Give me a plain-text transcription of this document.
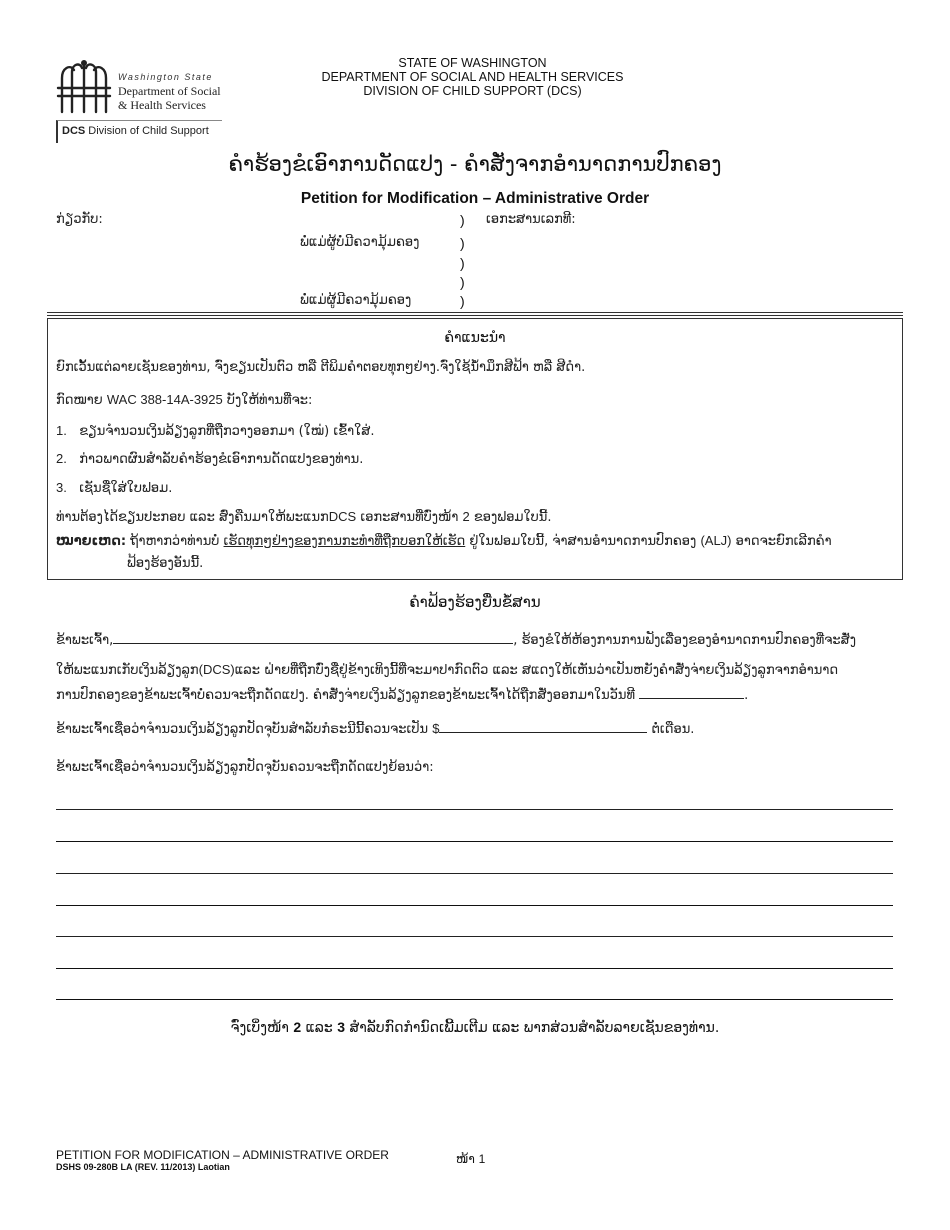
Washington State
Department of Social
& Health Services
DCS Division of Child Support
STATE OF WASHINGTON
DEPARTMENT OF SOCIAL AND HEALTH SERVICES
DIVISION OF CHILD SUPPORT (DCS)
ຄຳຮ້ອງຂໍເອົາການດັດແປງ - ຄຳສັ່ງຈາກອຳນາດການປົກຄອງ
Petition for Modification – Administrative Order
ກ່ຽວກັບ:	) ເອກະສານເລກທີ:
ພໍ່ແມ່ຜູ້ບໍ່ມີຄວາມຸ້ມຄອງ	)
)
)
ພໍ່ແມ່ຜູ້ມີຄວາມຸ້ມຄອງ	)
ຄຳແນະນຳ
ຍົກເວັ້ນແຕ່ລາຍເຊັນຂອງທ່ານ, ຈົ່ງຂຽນເປັນຕົວ ຫລື ຕີພິມຄຳຕອບທຸກໆຢ່າງ.ຈົ່ງໃຊ້ນ້ຳມຶກສີຟ້າ ຫລື ສີດຳ.
ກົດໝາຍ WAC 388-14A-3925 ບັງໃຫ້ທ່ານທີ່ຈະ:
1. ຂຽນຈຳນວນເງິນລ້ຽງລູກທີ່ຖືກວາງອອກມາ (ໃໝ່) ເຂົ້າໃສ່.
2. ກ່າວພາດຜົນສຳລັບຄຳຮ້ອງຂໍເອົາການດັດແປງຂອງທ່ານ.
3. ເຊັນຊື່ໃສ່ໃບຟອມ.
ທ່ານຕ້ອງໄດ້ຂຽນປະກອບ ແລະ ສົ່ງຄືນມາໃຫ້ພະແນກDCS ເອກະສານທີ່ບົ່ງໜ້າ 2 ຂອງຟອມໃບນີ້.
ໝາຍເຫດ: ຖ້າຫາກວ່າທ່ານບໍ່ ເຮັດທຸກໆຢ່າງຂອງການກະທຳທີ່ຖືກບອກໃຫ້ເຮັດ ຢູ່ໃນຟອມໃບນີ້, ຈ່າສານອຳນາດການປົກຄອງ (ALJ) ອາດຈະຍົກເລີກຄຳ
ຟ້ອງຮ້ອງອັນນີ້.
ຄຳຟ້ອງຮ້ອງຍື່ນຂໍ້ສານ
ຂ້າພະເຈົ້າ,	, ຮ້ອງຂໍໃຫ້ຫ້ອງການການຟັງເລື່ອງຂອງອຳນາດການປົກຄອງທີ່ຈະສັ່ງ
ໃຫ້ພະແນກເກັບເງິນລ້ຽງລູກ(DCS)ແລະ ຝ່າຍທີ່ຖືກບົ່ງຊື່ຢູ່ຂ້າງເທິງນີ້ທີ່ຈະມາປາກົດຕົວ ແລະ ສແດງໃຫ້ເຫັນວ່າເປັນຫຍັງຄຳສັ່ງຈ່າຍເງິນລ້ຽງລູກຈາກອຳນາດ
ການປົກຄອງຂອງຂ້າພະເຈົ້າບໍ່ຄວນຈະຖືກດັດແປງ. ຄຳສັ່ງຈ່າຍເງິນລ້ຽງລູກຂອງຂ້າພະເຈົ້າໄດ້ຖືກສັ່ງອອກມາໃນວັນທີ	.
ຂ້າພະເຈົ້າເຊື່ອວ່າຈຳນວນເງິນລ້ຽງລູກປັດຈຸບັນສຳລັບກໍຣະນີນີ້ຄວນຈະເປັນ $	ຕໍ່ເດືອນ.
ຂ້າພະເຈົ້າເຊື່ອວ່າຈຳນວນເງິນລ້ຽງລູກປັດຈຸບັນຄວນຈະຖືກດັດແປງຍ້ອນວ່າ:
ຈົ່ງເບິ່ງໜ້າ 2 ແລະ 3 ສຳລັບກົດກຳນົດເພີ້ມເຕີມ ແລະ ພາກສ່ວນສຳລັບລາຍເຊັນຂອງທ່ານ.
PETITION FOR MODIFICATION – ADMINISTRATIVE ORDER
DSHS 09-280B LA (REV. 11/2013) Laotian
ໜ້າ 1
